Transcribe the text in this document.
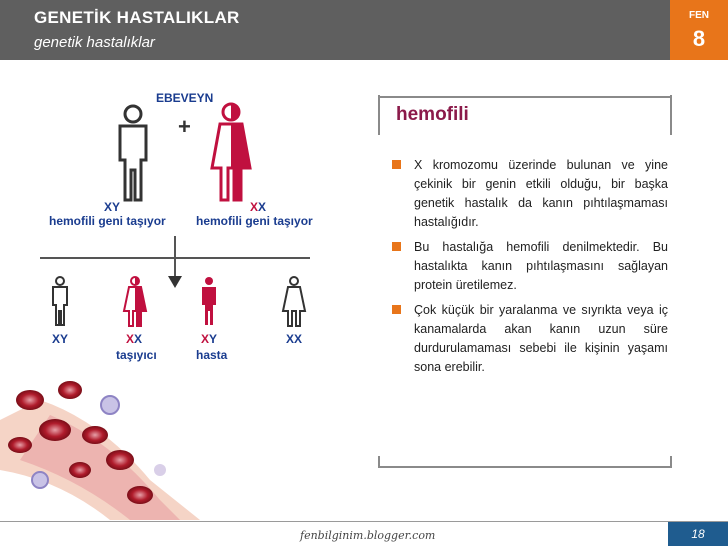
GENETİK HASTALIKLAR
genetik hastalıklar
FEN
8
EBEVEYN
+
XY
hemofili geni taşıyor
XX
hemofili geni taşıyor
XY	XX
taşıyıcı
XY
hasta
XX
hemofili
X kromozomu üzerinde bulunan ve yine çekinik bir genin etkili olduğu, bir başka genetik hastalık da kanın pıhtılaşmaması hastalığıdır.
Bu hastalığa hemofili denilmektedir. Bu hastalıkta kanın pıhtılaşmasını sağlayan protein üretilemez.
Çok küçük bir yaralanma ve sıyrıkta veya iç kanamalarda akan kanın uzun süre durdurulamaması sebebi ile kişinin yaşamı sona erebilir.
fenbilginim.blogger.com	18
